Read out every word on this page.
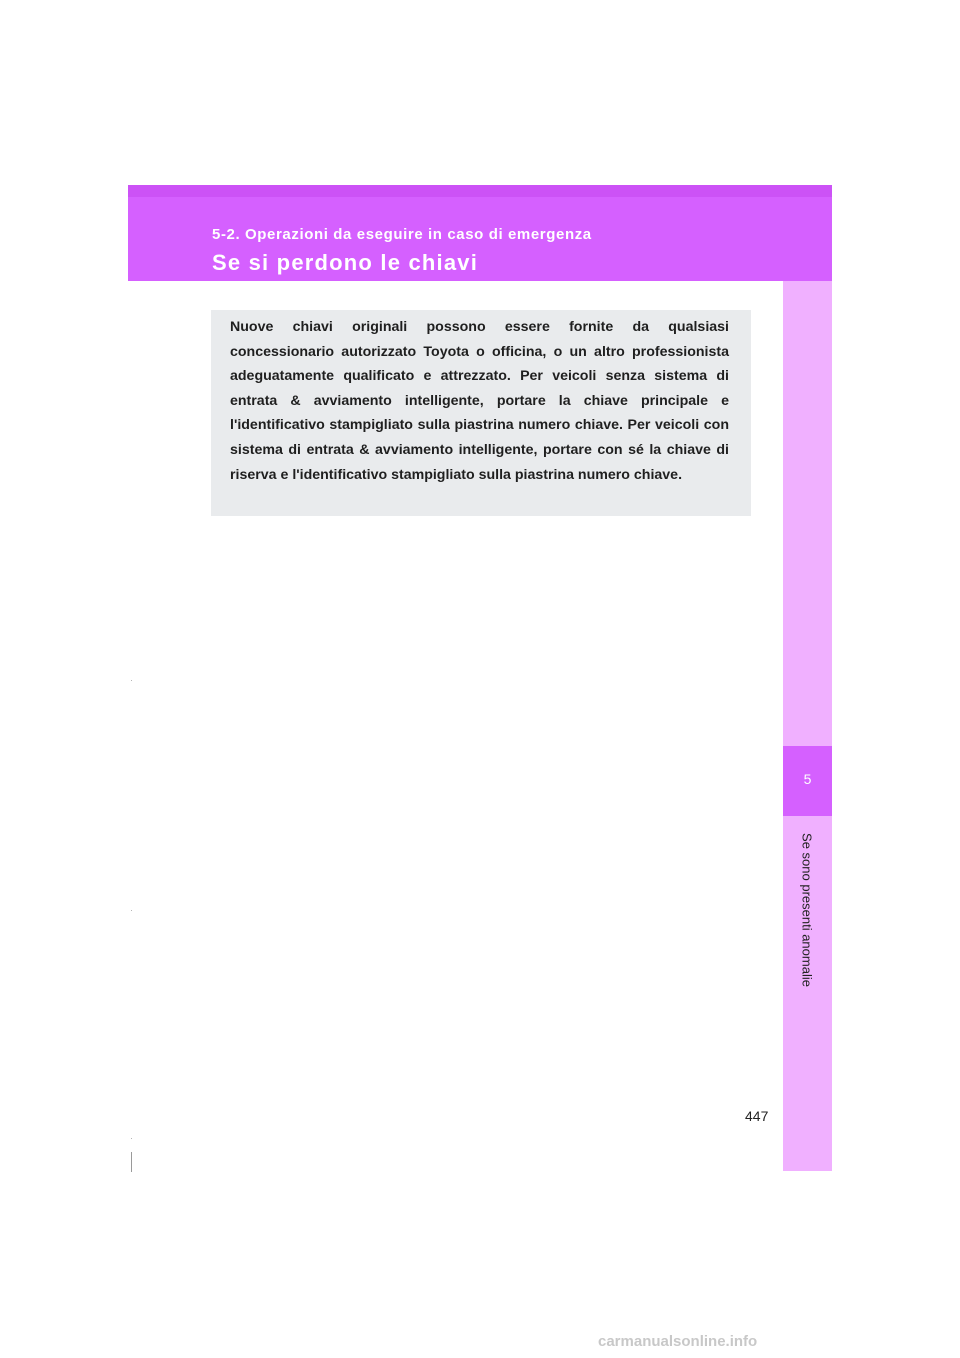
5-2. Operazioni da eseguire in caso di emergenza
Se si perdono le chiavi
5
Se sono presenti anomalie

Nuove chiavi originali possono essere fornite da qualsiasi concessionario autorizzato Toyota o officina, o un altro professionista adeguatamente qualificato e attrezzato. Per veicoli senza sistema di entrata & avviamento intelligente, portare la chiave principale e l'identificativo stampigliato sulla piastrina numero chiave. Per veicoli con sistema di entrata & avviamento intelligente, portare con sé la chiave di riserva e l'identificativo stampigliato sulla piastrina numero chiave.

447
carmanualsonline.info
